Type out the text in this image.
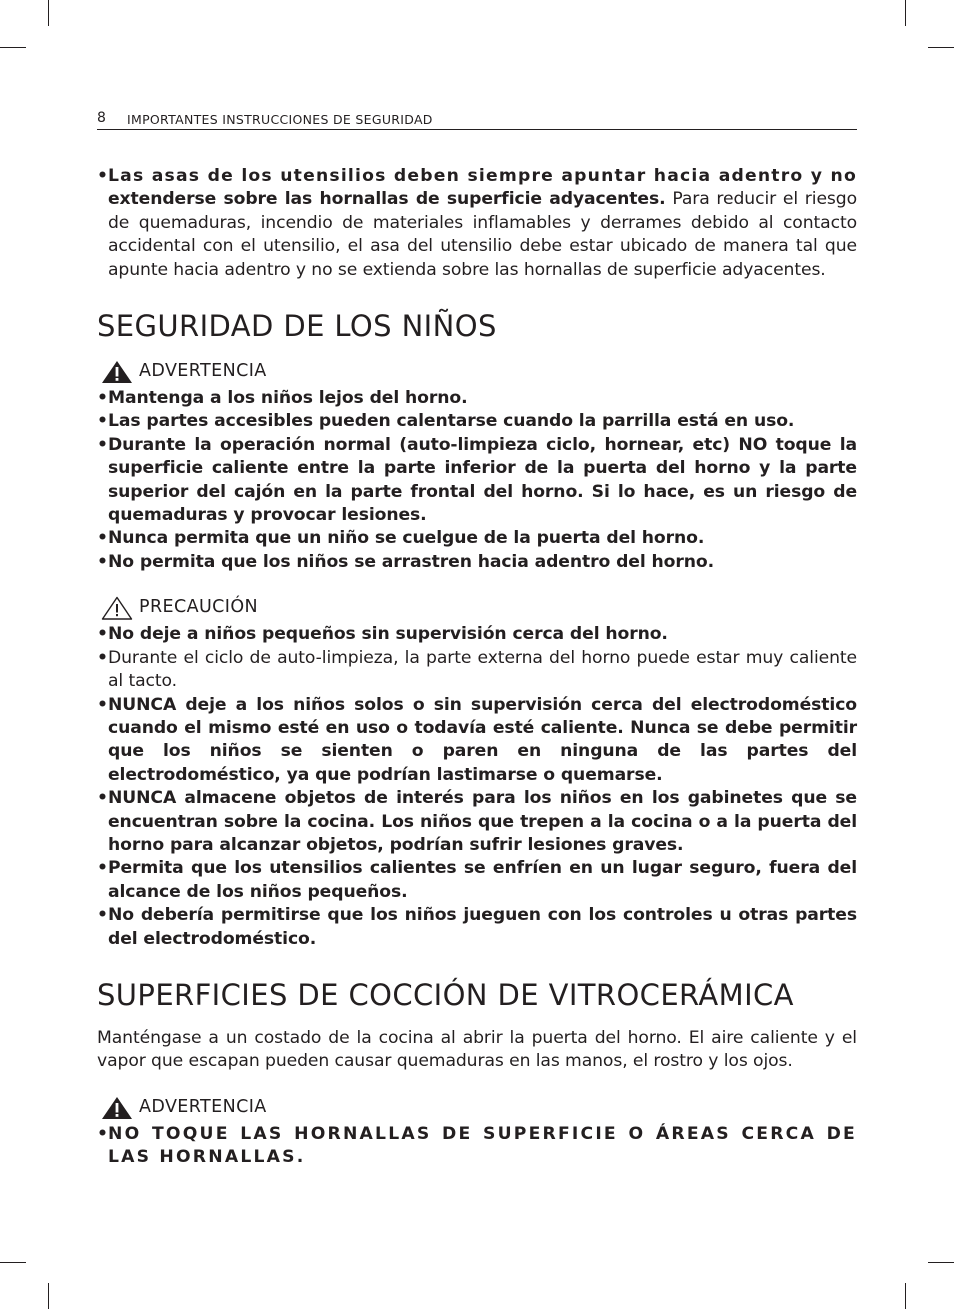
8 IMPORTANTES INSTRUCCIONES DE SEGURIDAD
• Las asas de los utensilios deben siempre apuntar hacia adentro y no extenderse sobre las hornallas de superficie adyacentes. Para reducir el riesgo de quemaduras, incendio de materiales inflamables y derrames debido al contacto accidental con el utensilio, el asa del utensilio debe estar ubicado de manera tal que apunte hacia adentro y no se extienda sobre las hornallas de superficie adyacentes.
SEGURIDAD DE LOS NIÑOS
ADVERTENCIA
• Mantenga a los niños lejos del horno.
• Las partes accesibles pueden calentarse cuando la parrilla está en uso.
• Durante la operación normal (auto-limpieza ciclo, hornear, etc) NO toque la superficie caliente entre la parte inferior de la puerta del horno y la parte superior del cajón en la parte frontal del horno. Si lo hace, es un riesgo de quemaduras y provocar lesiones.
• Nunca permita que un niño se cuelgue de la puerta del horno.
• No permita que los niños se arrastren hacia adentro del horno.
PRECAUCIÓN
• No deje a niños pequeños sin supervisión cerca del horno.
• Durante el ciclo de auto-limpieza, la parte externa del horno puede estar muy caliente al tacto.
• NUNCA deje a los niños solos o sin supervisión cerca del electrodoméstico cuando el mismo esté en uso o todavía esté caliente. Nunca se debe permitir que los niños se sienten o paren en ninguna de las partes del electrodoméstico, ya que podrían lastimarse o quemarse.
• NUNCA almacene objetos de interés para los niños en los gabinetes que se encuentran sobre la cocina. Los niños que trepen a la cocina o a la puerta del horno para alcanzar objetos, podrían sufrir lesiones graves.
• Permita que los utensilios calientes se enfríen en un lugar seguro, fuera del alcance de los niños pequeños.
• No debería permitirse que los niños jueguen con los controles u otras partes del electrodoméstico.
SUPERFICIES DE COCCIÓN DE VITROCERÁMICA
Manténgase a un costado de la cocina al abrir la puerta del horno. El aire caliente y el vapor que escapan pueden causar quemaduras en las manos, el rostro y los ojos.
ADVERTENCIA
•
NO TOQUE LAS HORNALLAS DE SUPERFICIE O ÁREAS CERCA DE LAS HORNALLAS.
